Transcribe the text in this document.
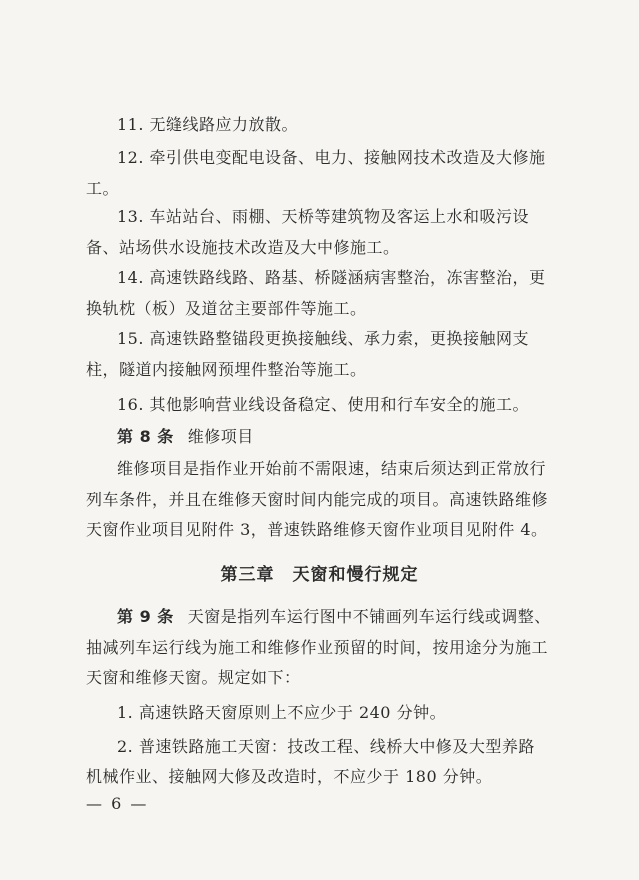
11. 无缝线路应力放散。
12. 牵引供电变配电设备、电力、接触网技术改造及大修施
工。
13. 车站站台、雨棚、天桥等建筑物及客运上水和吸污设
备、站场供水设施技术改造及大中修施工。
14. 高速铁路线路、路基、桥隧涵病害整治，冻害整治，更
换轨枕（板）及道岔主要部件等施工。
15. 高速铁路整锚段更换接触线、承力索，更换接触网支
柱，隧道内接触网预埋件整治等施工。
16. 其他影响营业线设备稳定、使用和行车安全的施工。
第 8 条 维修项目
维修项目是指作业开始前不需限速，结束后须达到正常放行
列车条件，并且在维修天窗时间内能完成的项目。高速铁路维修
天窗作业项目见附件 3，普速铁路维修天窗作业项目见附件 4。
第三章　天窗和慢行规定
第 9 条 天窗是指列车运行图中不铺画列车运行线或调整、
抽减列车运行线为施工和维修作业预留的时间，按用途分为施工
天窗和维修天窗。规定如下：
1. 高速铁路天窗原则上不应少于 240 分钟。
2. 普速铁路施工天窗：技改工程、线桥大中修及大型养路
机械作业、接触网大修及改造时，不应少于 180 分钟。
— 6 —
